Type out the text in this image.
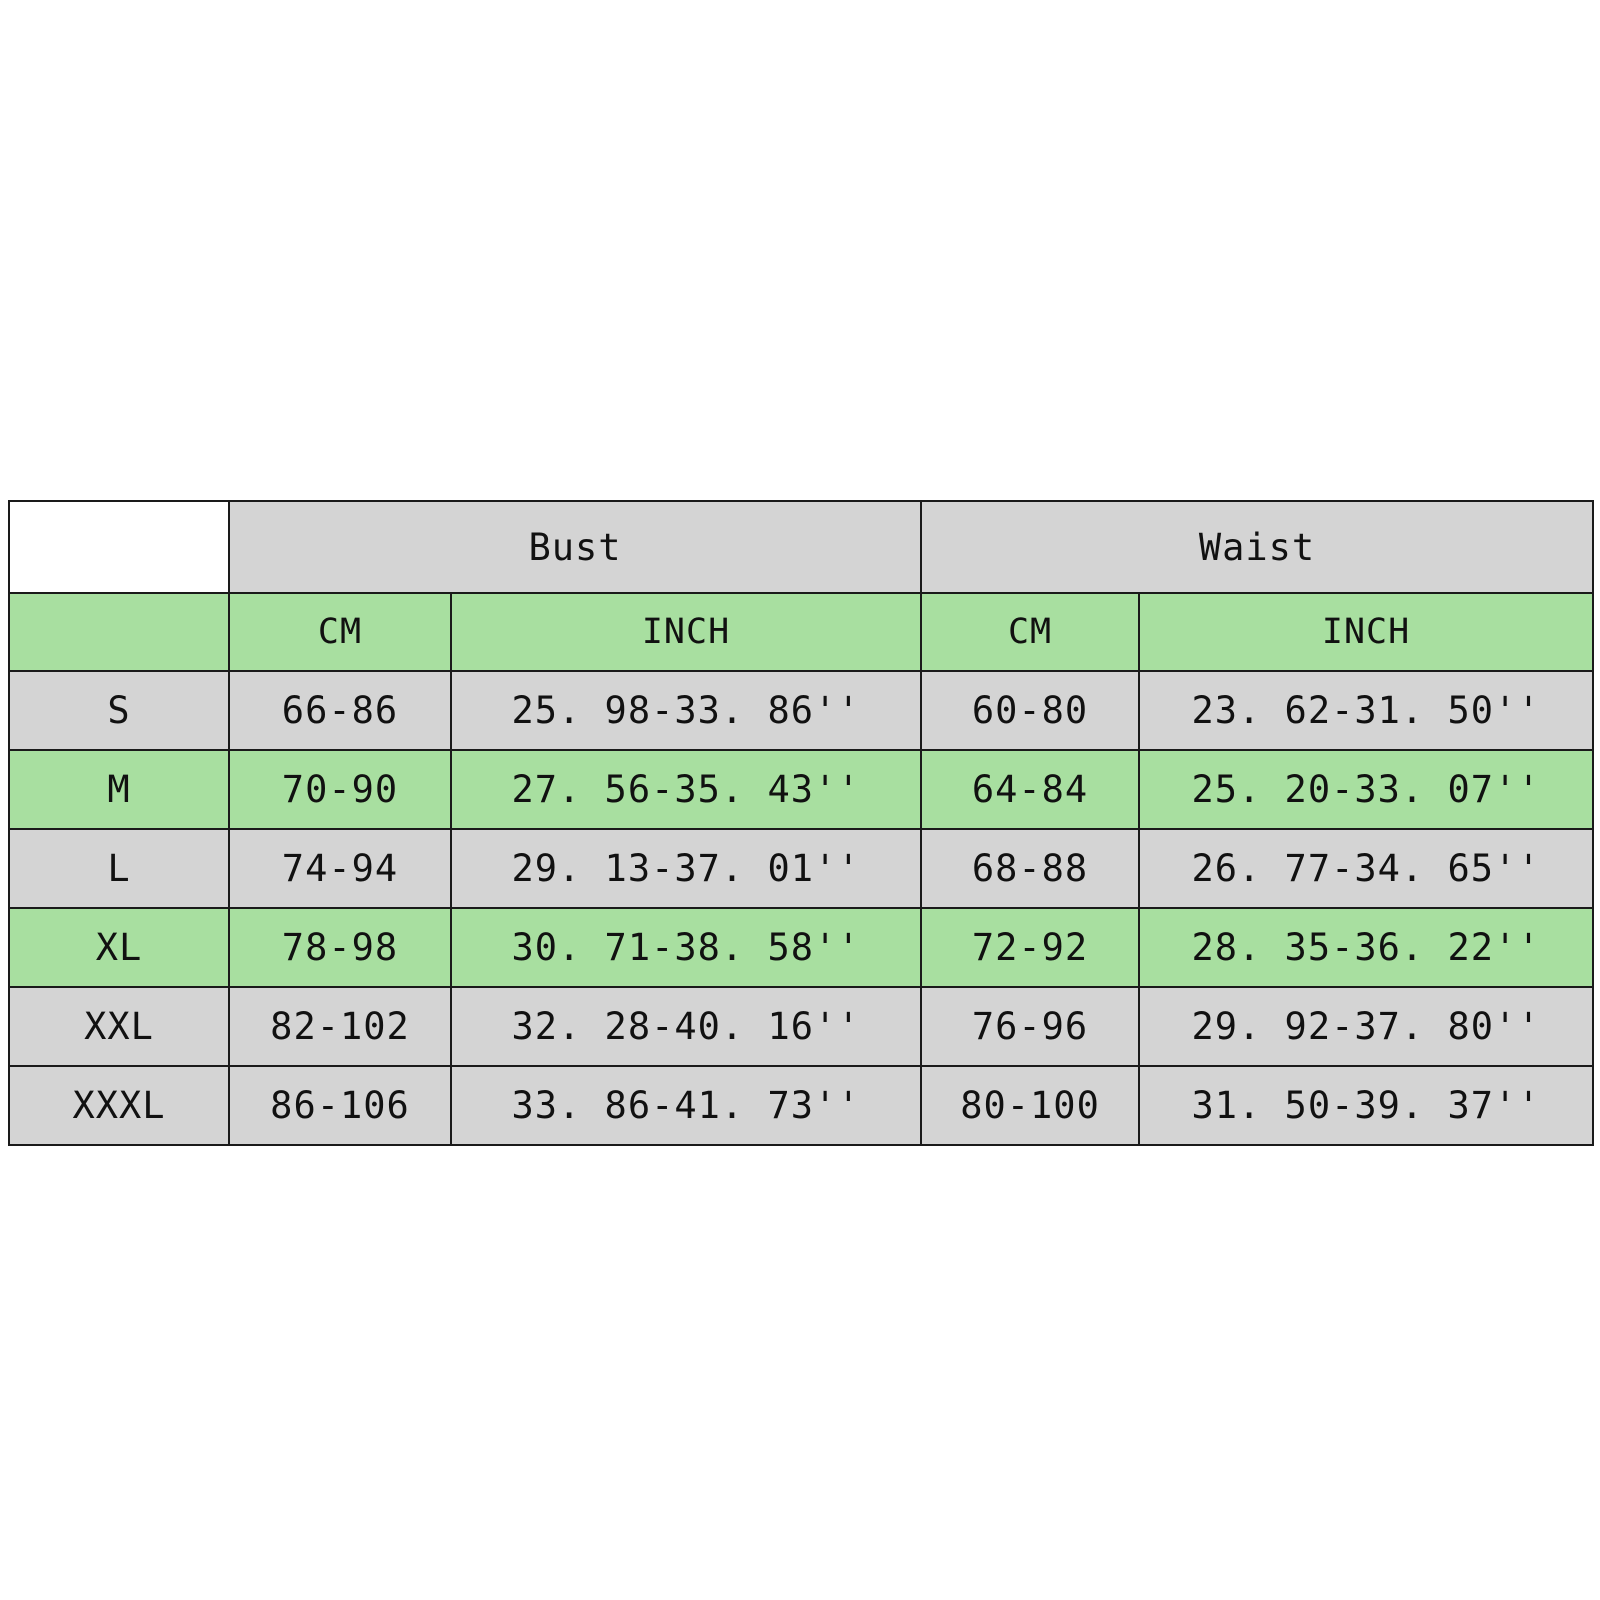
	Bust		Waist	
	CM	INCH	CM	INCH
S	66-86	25. 98-33. 86''	60-80	23. 62-31. 50''
M	70-90	27. 56-35. 43''	64-84	25. 20-33. 07''
L	74-94	29. 13-37. 01''	68-88	26. 77-34. 65''
XL	78-98	30. 71-38. 58''	72-92	28. 35-36. 22''
XXL	82-102	32. 28-40. 16''	76-96	29. 92-37. 80''
XXXL	86-106	33. 86-41. 73''	80-100	31. 50-39. 37''
